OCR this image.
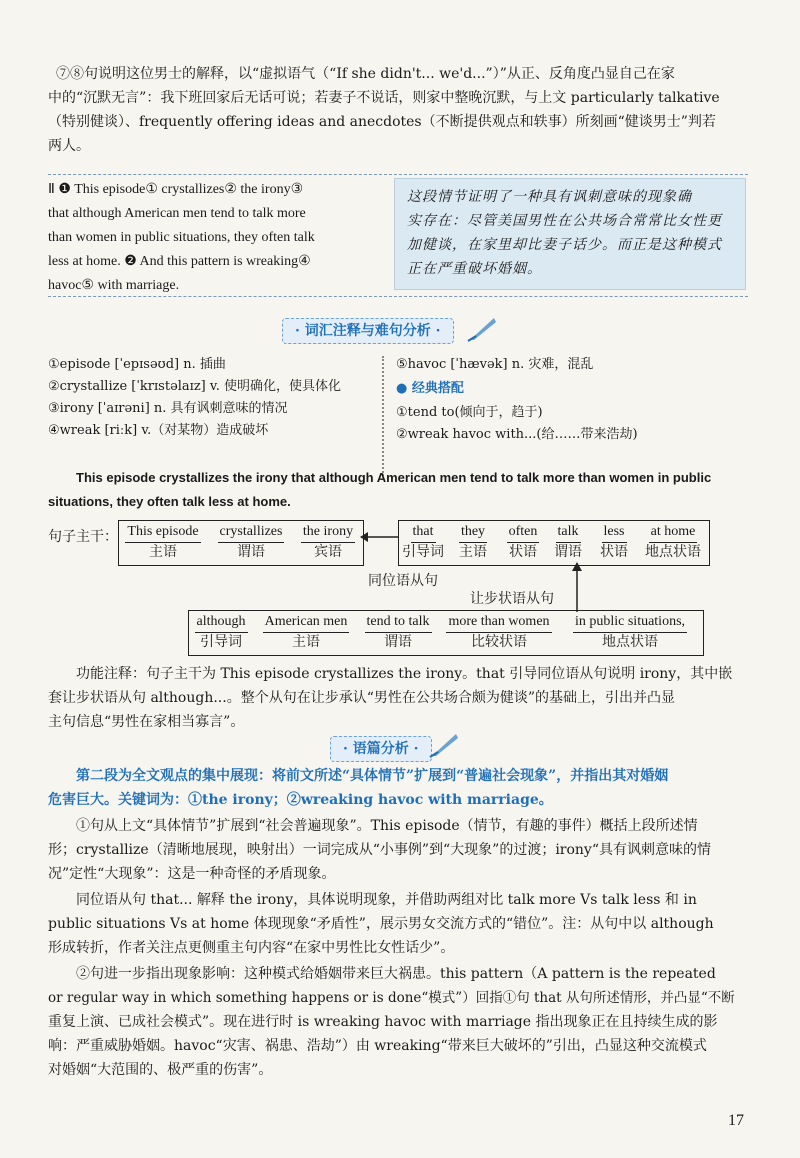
⑦⑧句说明这位男士的解释，以“虚拟语气（“If she didn't... we'd...”）”从正、反角度凸显自己在家
中的“沉默无言”：我下班回家后无话可说；若妻子不说话，则家中整晚沉默，与上文 particularly talkative
（特别健谈）、frequently offering ideas and anecdotes（不断提供观点和轶事）所刻画“健谈男士”判若
两人。
Ⅱ ❶ This episode① crystallizes② the irony③
that although American men tend to talk more
than women in public situations, they often talk
less at home. ❷ And this pattern is wreaking④
havoc⑤ with marriage.
这段情节证明了一种具有讽刺意味的现象确
实存在：尽管美国男性在公共场合常常比女性更
加健谈，在家里却比妻子话少。而正是这种模式
正在严重破坏婚姻。
· 词汇注释与难句分析 ·
①episode [ˈepɪsəʊd] n. 插曲
②crystallize [ˈkrɪstəlaɪz] v. 使明确化，使具体化
③irony [ˈaɪrəni] n. 具有讽刺意味的情况
④wreak [riːk] v.（对某物）造成破坏
⑤havoc [ˈhævək] n. 灾难，混乱
● 经典搭配
①tend to(倾向于，趋于)
②wreak havoc with...(给……带来浩劫)
This episode crystallizes the irony that although American men tend to talk more than women in public
situations, they often talk less at home.
句子主干： This episode
主语
crystallizes
谓语
the irony
宾语
that
引导词
they
主语
often
状语
talk
谓语
less
状语
at home
地点状语
同位语从句
让步状语从句
although
引导词
American men
主语
tend to talk
谓语
more than women
比较状语
in public situations,
地点状语
功能注释：句子主干为 This episode crystallizes the irony。that 引导同位语从句说明 irony，其中嵌
套让步状语从句 although...。整个从句在让步承认“男性在公共场合颇为健谈”的基础上，引出并凸显
主句信息“男性在家相当寡言”。
· 语篇分析 ·
第二段为全文观点的集中展现：将前文所述“具体情节”扩展到“普遍社会现象”，并指出其对婚姻
危害巨大。关键词为：①the irony；②wreaking havoc with marriage。
①句从上文“具体情节”扩展到“社会普遍现象”。This episode（情节，有趣的事件）概括上段所述情
形；crystallize（清晰地展现，映射出）一词完成从“小事例”到“大现象”的过渡；irony“具有讽刺意味的情
况”定性“大现象”：这是一种奇怪的矛盾现象。
同位语从句 that... 解释 the irony，具体说明现象，并借助两组对比 talk more Vs talk less 和 in
public situations Vs at home 体现现象“矛盾性”，展示男女交流方式的“错位”。注：从句中以 although
形成转折，作者关注点更侧重主句内容“在家中男性比女性话少”。
②句进一步指出现象影响：这种模式给婚姻带来巨大祸患。this pattern（A pattern is the repeated
or regular way in which something happens or is done“模式”）回指①句 that 从句所述情形，并凸显“不断
重复上演、已成社会模式”。现在进行时 is wreaking havoc with marriage 指出现象正在且持续生成的影
响：严重威胁婚姻。havoc“灾害、祸患、浩劫”）由 wreaking“带来巨大破坏的”引出，凸显这种交流模式
对婚姻“大范围的、极严重的伤害”。
17
